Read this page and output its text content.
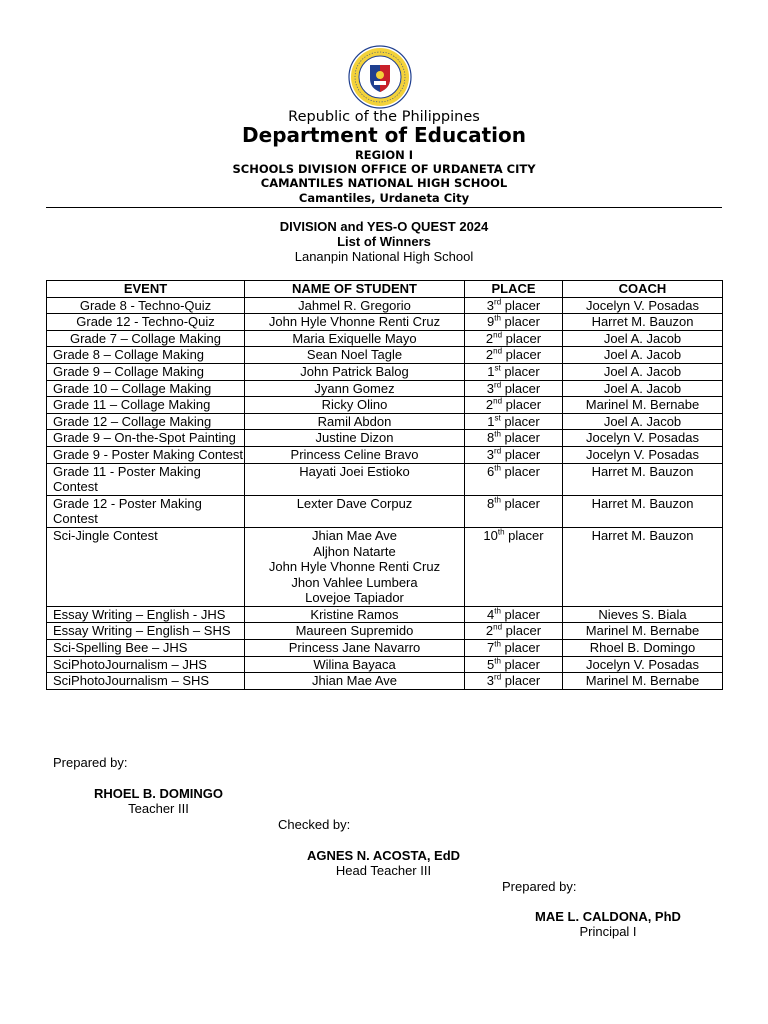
Republic of the Philippines
Department of Education
REGION I
SCHOOLS DIVISION OFFICE OF URDANETA CITY
CAMANTILES NATIONAL HIGH SCHOOL
Camantiles, Urdaneta City
DIVISION and YES-O QUEST 2024
List of Winners
Lananpin National High School
EVENT	NAME OF STUDENT	PLACE	COACH
Grade 8 - Techno-Quiz	Jahmel R. Gregorio	3rd placer	Jocelyn V. Posadas
Grade 12 - Techno-Quiz	John Hyle Vhonne Renti Cruz	9th placer	Harret M. Bauzon
Grade 7 – Collage Making	Maria Exiquelle Mayo	2nd placer	Joel A. Jacob
Grade 8 – Collage Making	Sean Noel Tagle	2nd placer	Joel A. Jacob
Grade 9 – Collage Making	John Patrick Balog	1st placer	Joel A. Jacob
Grade 10 – Collage Making	Jyann Gomez	3rd placer	Joel A. Jacob
Grade 11 – Collage Making	Ricky Olino	2nd placer	Marinel M. Bernabe
Grade 12 – Collage Making	Ramil Abdon	1st placer	Joel A. Jacob
Grade 9 – On-the-Spot Painting	Justine Dizon	8th placer	Jocelyn V. Posadas
Grade 9 - Poster Making Contest	Princess Celine Bravo	3rd placer	Jocelyn V. Posadas
Grade 11 - Poster Making Contest	Hayati Joei Estioko	6th placer	Harret M. Bauzon
Grade 12 - Poster Making Contest	Lexter Dave Corpuz	8th placer	Harret M. Bauzon
Sci-Jingle Contest	Jhian Mae Ave
Aljhon Natarte
John Hyle Vhonne Renti Cruz
Jhon Vahlee Lumbera
Lovejoe Tapiador	10th placer	Harret M. Bauzon
Essay Writing – English - JHS	Kristine Ramos	4th placer	Nieves S. Biala
Essay Writing – English – SHS	Maureen Supremido	2nd placer	Marinel M. Bernabe
Sci-Spelling Bee – JHS	Princess Jane Navarro	7th placer	Rhoel B. Domingo
SciPhotoJournalism – JHS	Wilina Bayaca	5th placer	Jocelyn V. Posadas
SciPhotoJournalism – SHS	Jhian Mae Ave	3rd placer	Marinel M. Bernabe
Prepared by:
RHOEL B. DOMINGO
Teacher III
Checked by:
AGNES N. ACOSTA, EdD
Head Teacher III
Prepared by:
MAE L. CALDONA, PhD
Principal I
